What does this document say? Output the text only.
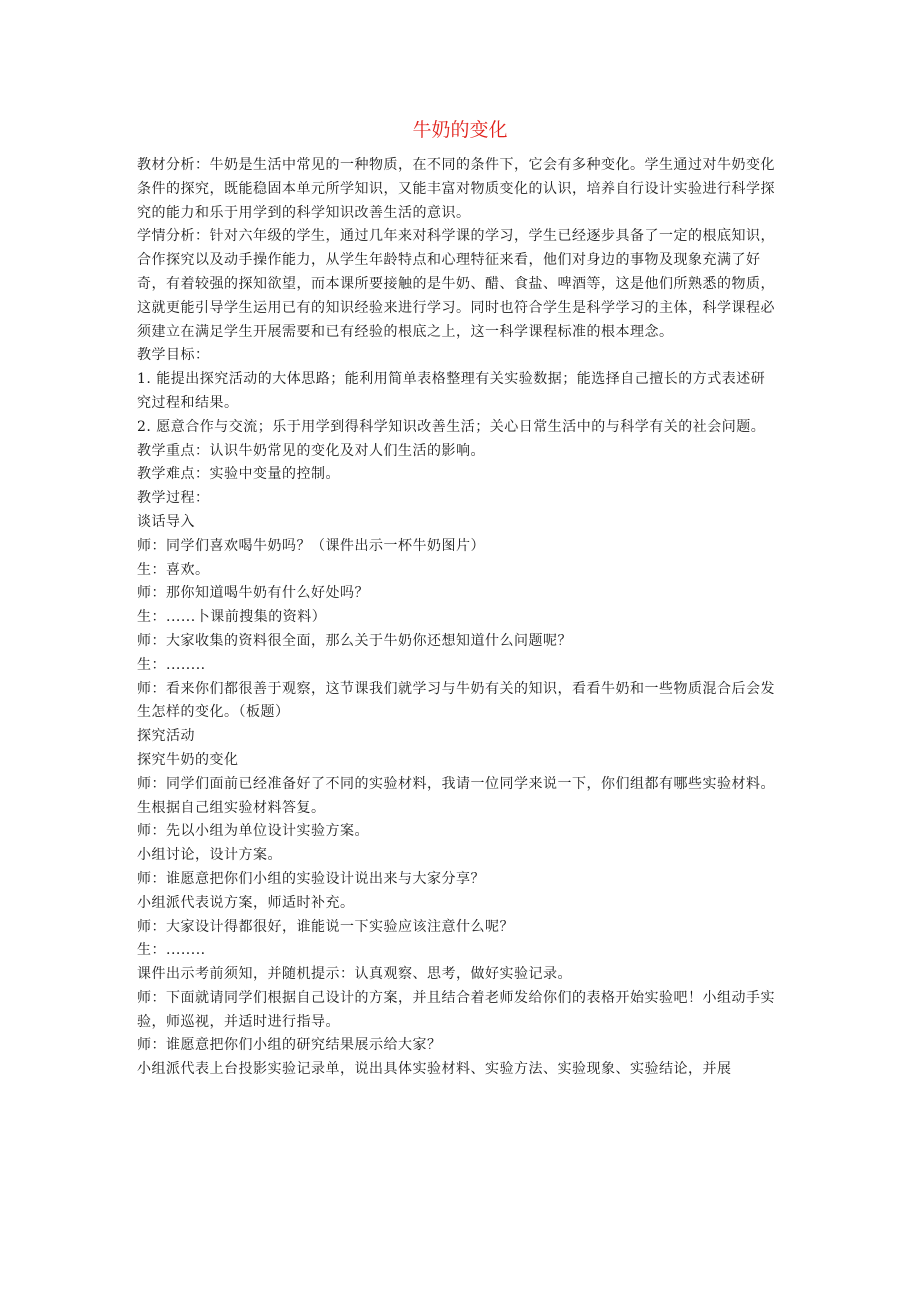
牛奶的变化

教材分析：牛奶是生活中常见的一种物质，在不同的条件下，它会有多种变化。学生通过对牛奶变化条件的探究，既能稳固本单元所学知识，又能丰富对物质变化的认识，培养自行设计实验进行科学探究的能力和乐于用学到的科学知识改善生活的意识。

学情分析：针对六年级的学生，通过几年来对科学课的学习，学生已经逐步具备了一定的根底知识，合作探究以及动手操作能力，从学生年龄特点和心理特征来看，他们对身边的事物及现象充满了好奇，有着较强的探知欲望，而本课所要接触的是牛奶、醋、食盐、啤酒等，这是他们所熟悉的物质，这就更能引导学生运用已有的知识经验来进行学习。同时也符合学生是科学学习的主体，科学课程必须建立在满足学生开展需要和已有经验的根底之上，这一科学课程标准的根本理念。

教学目标：

1. 能提出探究活动的大体思路；能利用简单表格整理有关实验数据；能选择自己擅长的方式表述研究过程和结果。

2. 愿意合作与交流；乐于用学到得科学知识改善生活；关心日常生活中的与科学有关的社会问题。

教学重点：认识牛奶常见的变化及对人们生活的影响。

教学难点：实验中变量的控制。

教学过程：

谈话导入

师：同学们喜欢喝牛奶吗？（课件出示一杯牛奶图片）

生：喜欢。

师：那你知道喝牛奶有什么好处吗？

生：......卜课前搜集的资料）

师：大家收集的资料很全面，那么关于牛奶你还想知道什么问题呢？

生：........

师：看来你们都很善于观察，这节课我们就学习与牛奶有关的知识，看看牛奶和一些物质混合后会发生怎样的变化。（板题）

探究活动

探究牛奶的变化

师：同学们面前已经准备好了不同的实验材料，我请一位同学来说一下，你们组都有哪些实验材料。

生根据自己组实验材料答复。

师：先以小组为单位设计实验方案。

小组讨论，设计方案。

师：谁愿意把你们小组的实验设计说出来与大家分享？

小组派代表说方案，师适时补充。

师：大家设计得都很好，谁能说一下实验应该注意什么呢？

生：........

课件出示考前须知，并随机提示：认真观察、思考，做好实验记录。

师：下面就请同学们根据自己设计的方案，并且结合着老师发给你们的表格开始实验吧！小组动手实验，师巡视，并适时进行指导。

师：谁愿意把你们小组的研究结果展示给大家？

小组派代表上台投影实验记录单，说出具体实验材料、实验方法、实验现象、实验结论，并展
